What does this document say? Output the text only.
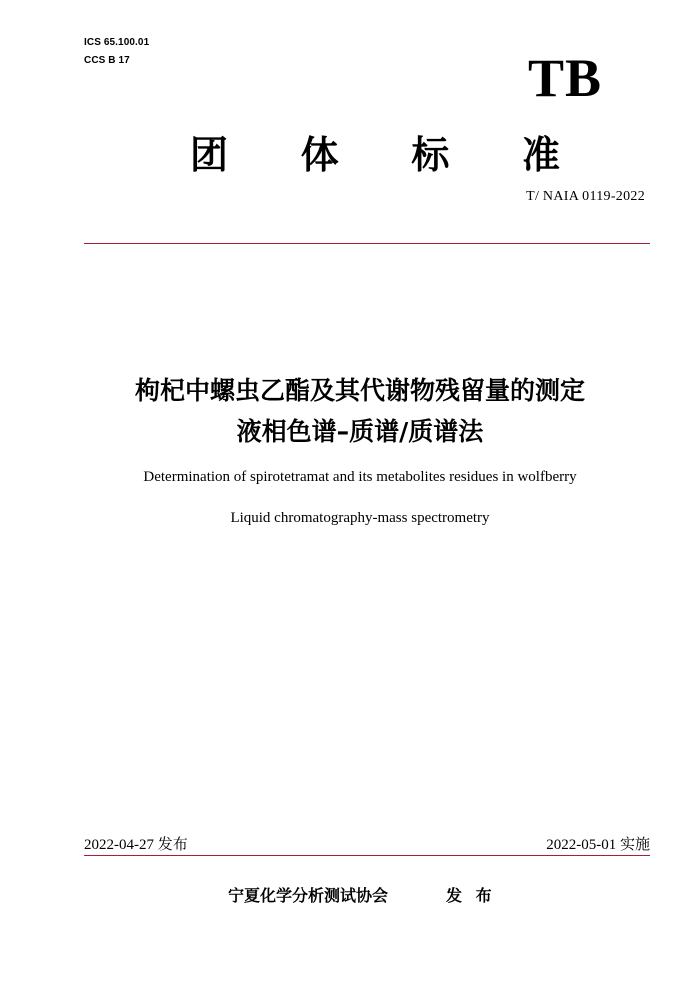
ICS 65.100.01
CCS B 17	TB
团 体 标 准
T/ NAIA 0119-2022
枸杞中螺虫乙酯及其代谢物残留量的测定
液相色谱–质谱/质谱法
Determination of spirotetramat and its metabolites residues in wolfberry
Liquid chromatography-mass spectrometry
2022-04-27 发布	2022-05-01 实施
宁夏化学分析测试协会	发 布
